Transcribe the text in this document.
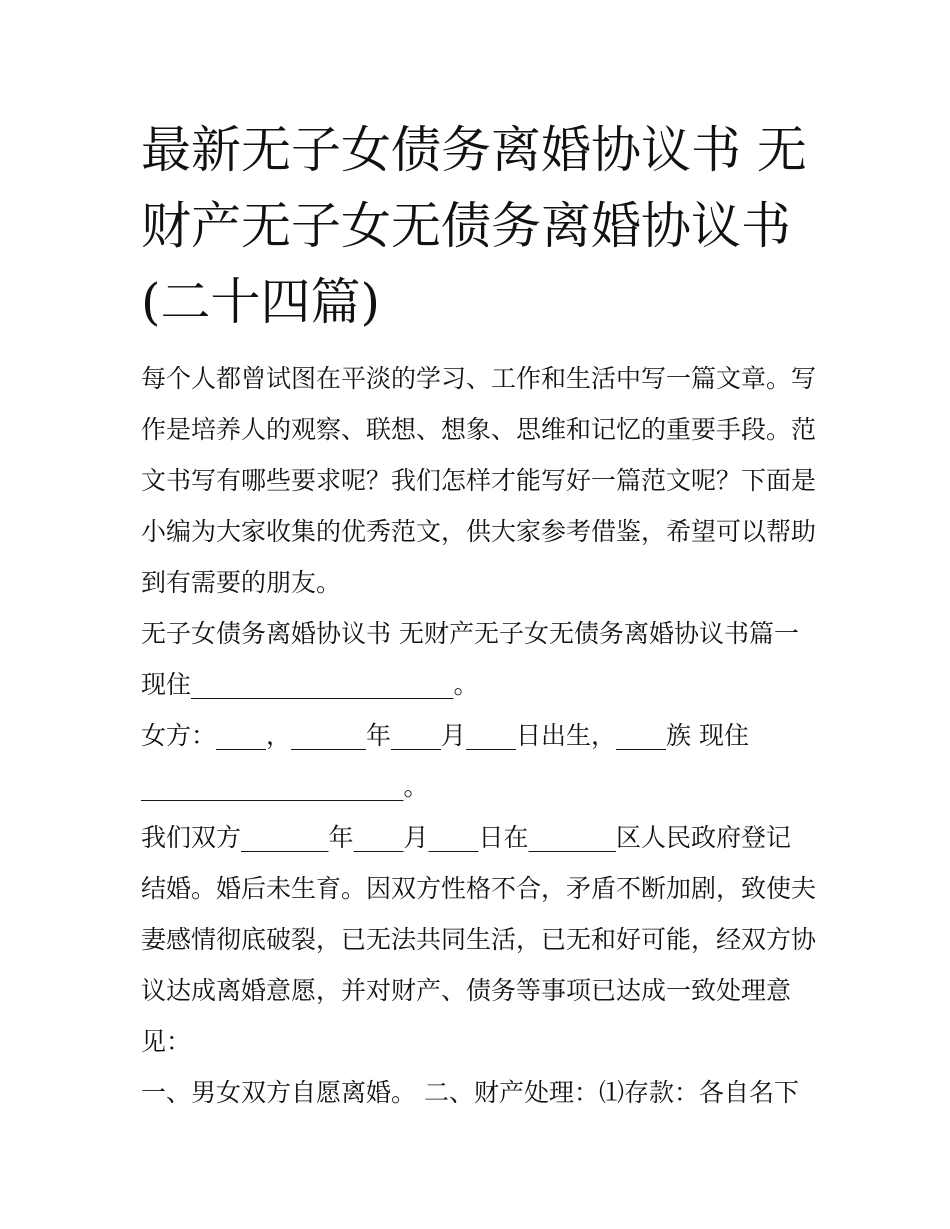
最新无子女债务离婚协议书 无
财产无子女无债务离婚协议书
(二十四篇)

每个人都曾试图在平淡的学习、工作和生活中写一篇文章。写

作是培养人的观察、联想、想象、思维和记忆的重要手段。范

文书写有哪些要求呢？我们怎样才能写好一篇范文呢？下面是

小编为大家收集的优秀范文，供大家参考借鉴，希望可以帮助

到有需要的朋友。

无子女债务离婚协议书 无财产无子女无债务离婚协议书篇一

现住_____________________。

女方：____，______年____月____日出生，____族 现住

_____________________。

我们双方_______年____月____日在_______区人民政府登记

结婚。婚后未生育。因双方性格不合，矛盾不断加剧，致使夫

妻感情彻底破裂，已无法共同生活，已无和好可能，经双方协

议达成离婚意愿，并对财产、债务等事项已达成一致处理意

见：

一、男女双方自愿离婚。 二、财产处理：⑴存款：各自名下
